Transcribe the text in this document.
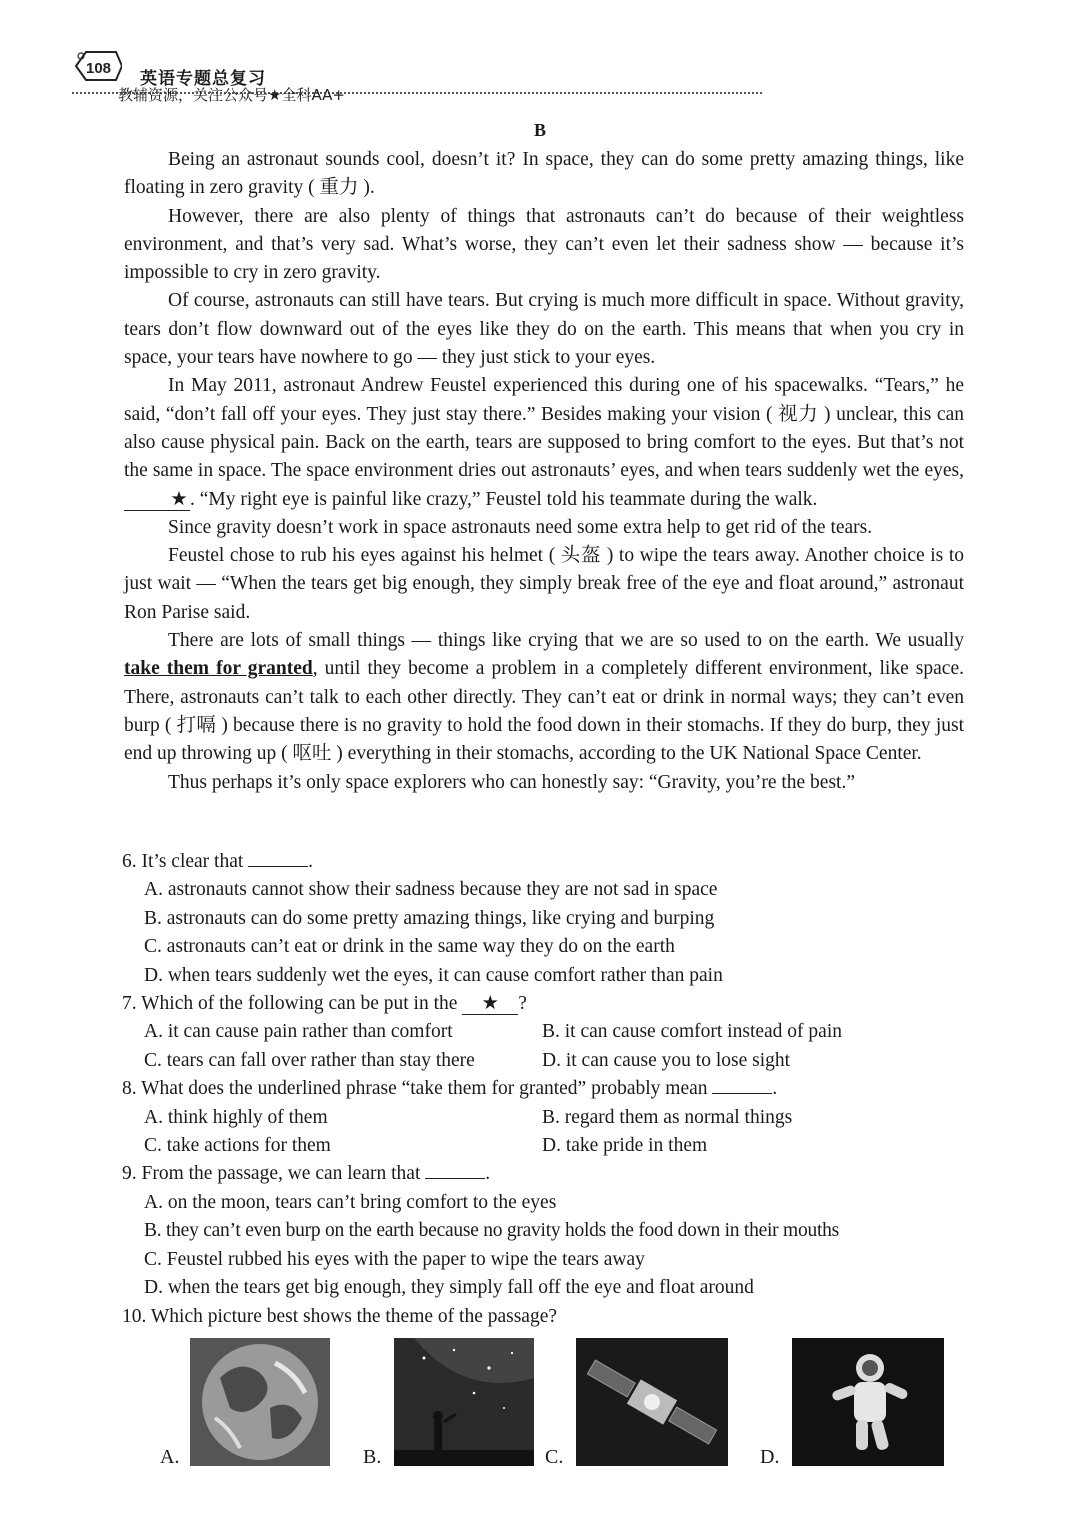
108
英语专题总复习
教辅资源，关注公众号★全科AA+
B

Being an astronaut sounds cool, doesn’t it? In space, they can do some pretty amazing things, like floating in zero gravity ( 重力 ).

However, there are also plenty of things that astronauts can’t do because of their weightless environment, and that’s very sad. What’s worse, they can’t even let their sadness show — because it’s impossible to cry in zero gravity.

Of course, astronauts can still have tears. But crying is much more difficult in space. Without gravity, tears don’t flow downward out of the eyes like they do on the earth. This means that when you cry in space, your tears have nowhere to go — they just stick to your eyes.

In May 2011, astronaut Andrew Feustel experienced this during one of his spacewalks. “Tears,” he said, “don’t fall off your eyes. They just stay there.” Besides making your vision ( 视力 ) unclear, this can also cause physical pain. Back on the earth, tears are supposed to bring comfort to the eyes. But that’s not the same in space. The space environment dries out astronauts’ eyes, and when tears suddenly wet the eyes, ★ . “My right eye is painful like crazy,” Feustel told his teammate during the walk.

Since gravity doesn’t work in space astronauts need some extra help to get rid of the tears.

Feustel chose to rub his eyes against his helmet ( 头盔 ) to wipe the tears away. Another choice is to just wait — “When the tears get big enough, they simply break free of the eye and float around,” astronaut Ron Parise said.

There are lots of small things — things like crying that we are so used to on the earth. We usually take them for granted, until they become a problem in a completely different environment, like space. There, astronauts can’t talk to each other directly. They can’t eat or drink in normal ways; they can’t even burp ( 打嗝 ) because there is no gravity to hold the food down in their stomachs. If they do burp, they just end up throwing up ( 呕吐 ) everything in their stomachs, according to the UK National Space Center.

Thus perhaps it’s only space explorers who can honestly say: “Gravity, you’re the best.”

6. It’s clear that	.

A. astronauts cannot show their sadness because they are not sad in space

B. astronauts can do some pretty amazing things, like crying and burping

C. astronauts can’t eat or drink in the same way they do on the earth

D. when tears suddenly wet the eyes, it can cause comfort rather than pain

7. Which of the following can be put in the ★ ?

A. it can cause pain rather than comfort	B. it can cause comfort instead of pain
C. tears can fall over rather than stay there	D. it can cause you to lose sight

8. What does the underlined phrase “take them for granted” probably mean	.

A. think highly of them	B. regard them as normal things
C. take actions for them	D. take pride in them

9. From the passage, we can learn that	.

A. on the moon, tears can’t bring comfort to the eyes

B. they can’t even burp on the earth because no gravity holds the food down in their mouths

C. Feustel rubbed his eyes with the paper to wipe the tears away

D. when the tears get big enough, they simply fall off the eye and float around

10. Which picture best shows the theme of the passage?

A.	B.	C.	D.
